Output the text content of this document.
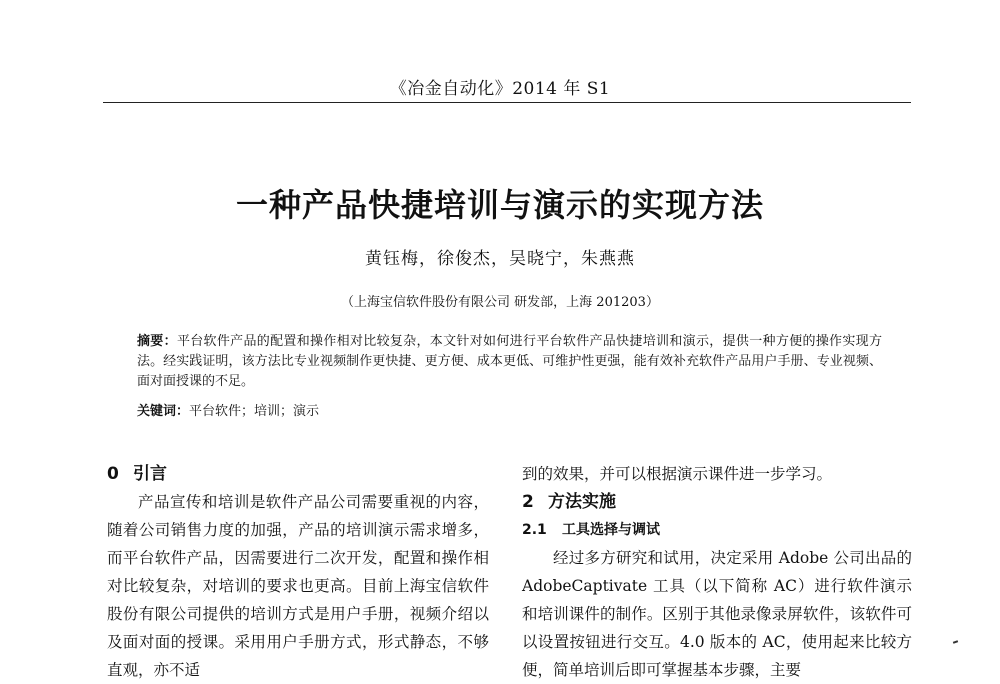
《冶金自动化》2014 年 S1
一种产品快捷培训与演示的实现方法
黄钰梅，徐俊杰，吴晓宁，朱燕燕
（上海宝信软件股份有限公司 研发部，上海 201203）
摘要：平台软件产品的配置和操作相对比较复杂，本文针对如何进行平台软件产品快捷培训和演示，提供一种方便的操作实现方法。经实践证明，该方法比专业视频制作更快捷、更方便、成本更低、可维护性更强，能有效补充软件产品用户手册、专业视频、面对面授课的不足。
关键词：平台软件；培训；演示
0 引言

产品宣传和培训是软件产品公司需要重视的内容，随着公司销售力度的加强，产品的培训演示需求增多，而平台软件产品，因需要进行二次开发，配置和操作相对比较复杂，对培训的要求也更高。目前上海宝信软件股份有限公司提供的培训方式是用户手册，视频介绍以及面对面的授课。采用用户手册方式，形式静态，不够直观，亦不适

到的效果，并可以根据演示课件进一步学习。

2 方法实施
2.1 工具选择与调试

经过多方研究和试用，决定采用 Adobe 公司出品的 AdobeCaptivate 工具（以下简称 AC）进行软件演示和培训课件的制作。区别于其他录像录屏软件，该软件可以设置按钮进行交互。4.0 版本的 AC，使用起来比较方便，简单培训后即可掌握基本步骤，主要
